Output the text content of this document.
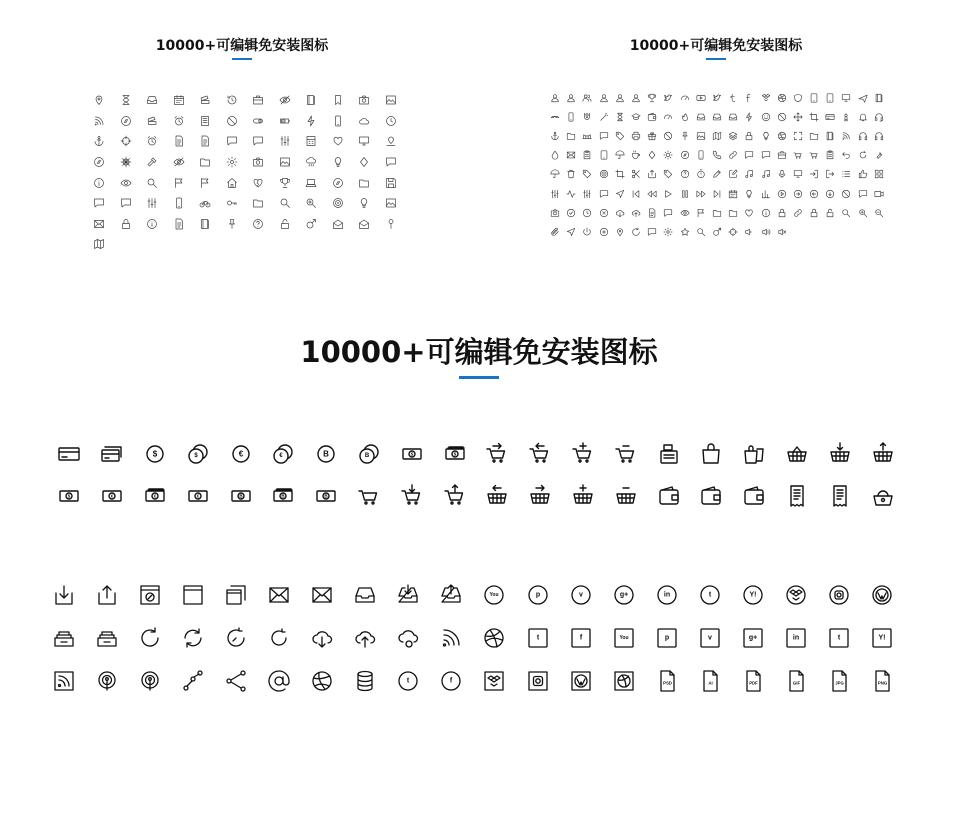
10000+可编辑免安装图标	10000+可编辑免安装图标
10000+可编辑免安装图标
$	$	€	€	B	B	$	$
$	€	€	€	B	B	B
You	p	v	g+	in	t	Y!
t	f	You	p	v	g+	in	t	Y!
t	f	PSD	AI	PDF	GIF	JPG	PNG
